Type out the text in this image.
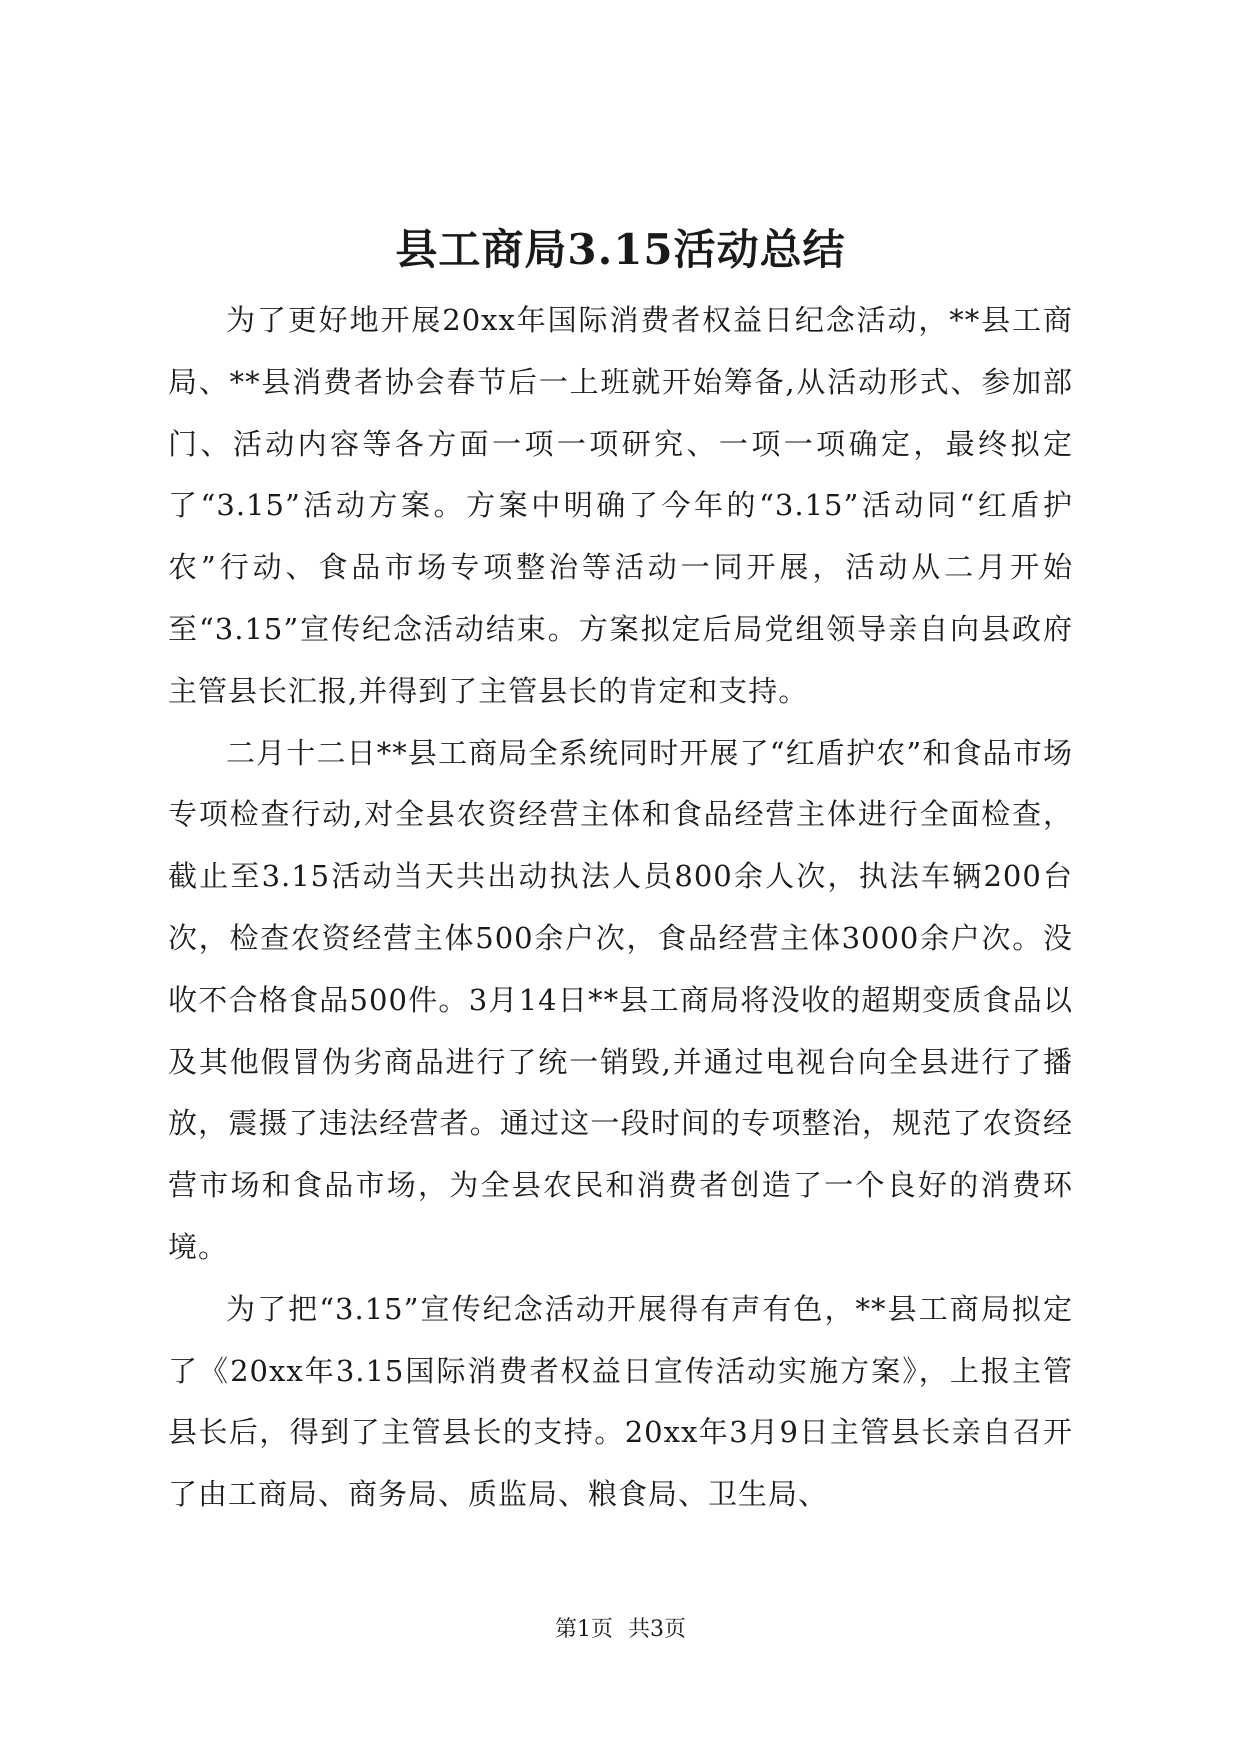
县工商局3.15活动总结

为了更好地开展20xx年国际消费者权益日纪念活动，**县工商局、**县消费者协会春节后一上班就开始筹备,从活动形式、参加部门、活动内容等各方面一项一项研究、一项一项确定，最终拟定了“3.15”活动方案。方案中明确了今年的“3.15”活动同“红盾护农”行动、食品市场专项整治等活动一同开展，活动从二月开始至“3.15”宣传纪念活动结束。方案拟定后局党组领导亲自向县政府主管县长汇报,并得到了主管县长的肯定和支持。

二月十二日**县工商局全系统同时开展了“红盾护农”和食品市场专项检查行动,对全县农资经营主体和食品经营主体进行全面检查，截止至3.15活动当天共出动执法人员800余人次，执法车辆200台次，检查农资经营主体500余户次，食品经营主体3000余户次。没收不合格食品500件。3月14日**县工商局将没收的超期变质食品以及其他假冒伪劣商品进行了统一销毁,并通过电视台向全县进行了播放，震摄了违法经营者。通过这一段时间的专项整治，规范了农资经营市场和食品市场，为全县农民和消费者创造了一个良好的消费环境。

为了把“3.15”宣传纪念活动开展得有声有色，**县工商局拟定了《20xx年3.15国际消费者权益日宣传活动实施方案》，上报主管县长后，得到了主管县长的支持。20xx年3月9日主管县长亲自召开了由工商局、商务局、质监局、粮食局、卫生局、

第1页 共3页
